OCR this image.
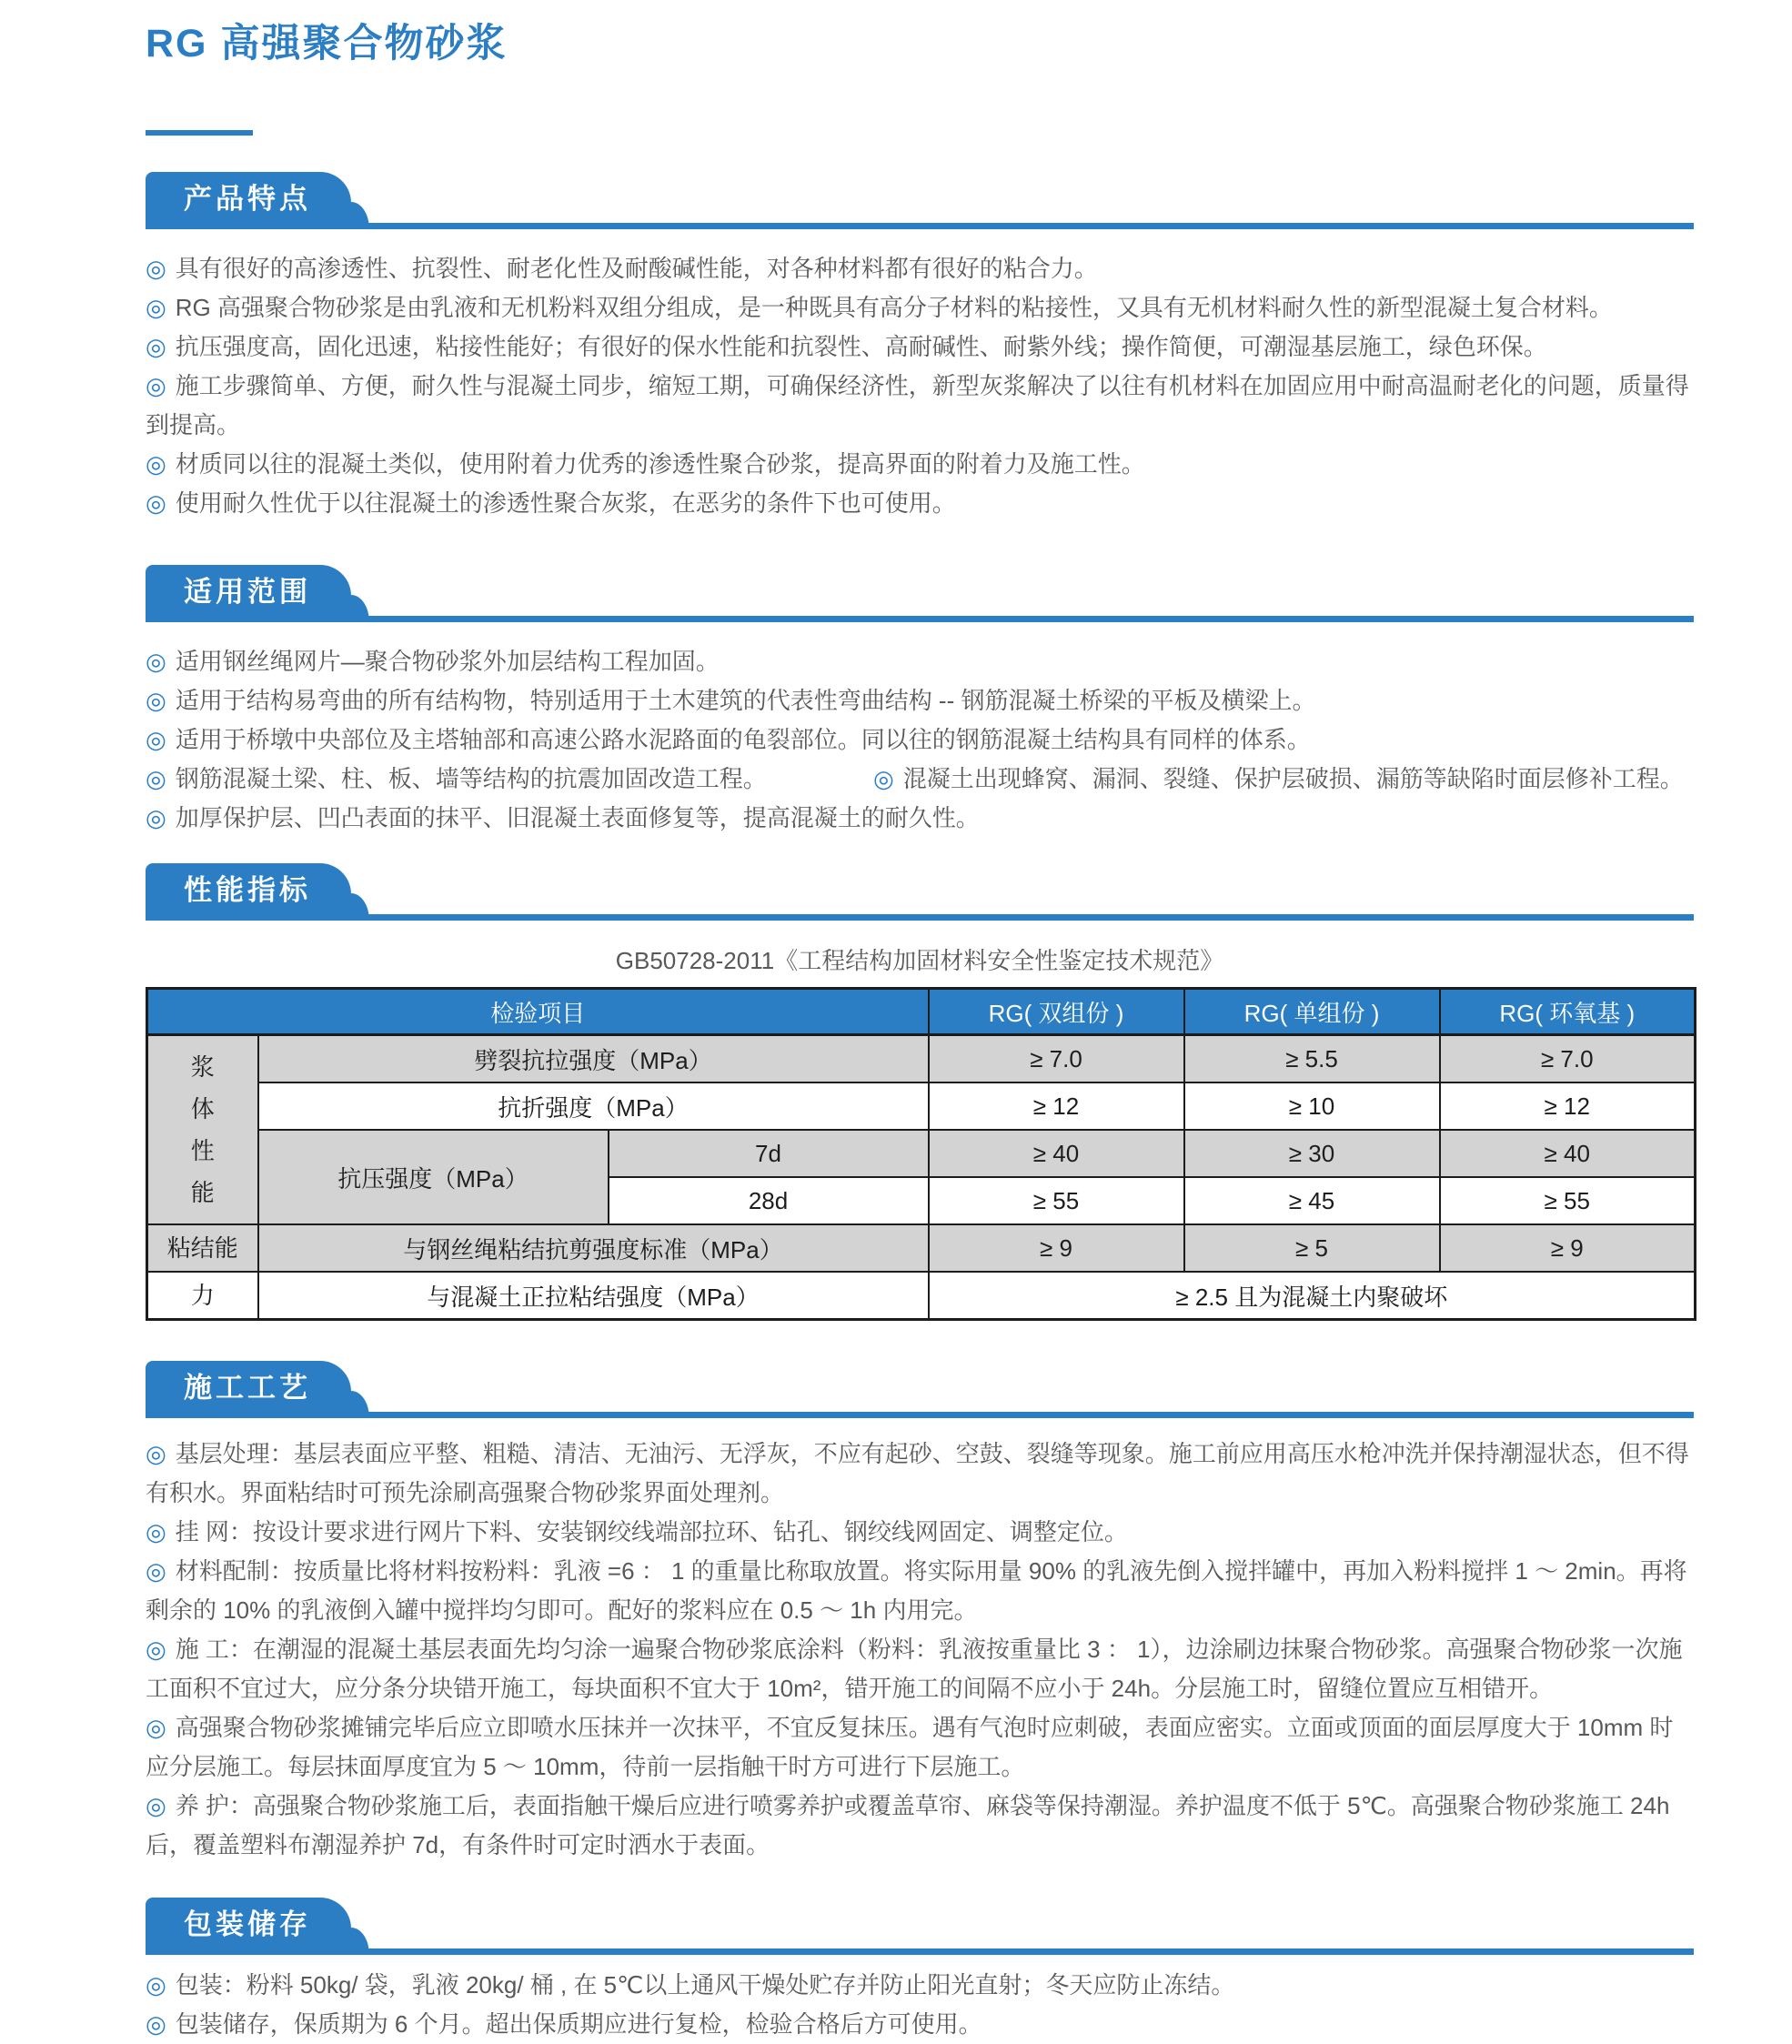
RG 高强聚合物砂浆
产品特点

◎ 具有很好的高渗透性、抗裂性、耐老化性及耐酸碱性能，对各种材料都有很好的粘合力。

◎ RG 高强聚合物砂浆是由乳液和无机粉料双组分组成，是一种既具有高分子材料的粘接性，又具有无机材料耐久性的新型混凝土复合材料。

◎ 抗压强度高，固化迅速，粘接性能好；有很好的保水性能和抗裂性、高耐碱性、耐紫外线；操作简便，可潮湿基层施工，绿色环保。

◎ 施工步骤简单、方便，耐久性与混凝土同步，缩短工期，可确保经济性，新型灰浆解决了以往有机材料在加固应用中耐高温耐老化的问题，质量得到提高。

◎ 材质同以往的混凝土类似，使用附着力优秀的渗透性聚合砂浆，提高界面的附着力及施工性。

◎ 使用耐久性优于以往混凝土的渗透性聚合灰浆，在恶劣的条件下也可使用。

适用范围

◎ 适用钢丝绳网片—聚合物砂浆外加层结构工程加固。

◎ 适用于结构易弯曲的所有结构物，特别适用于土木建筑的代表性弯曲结构 -- 钢筋混凝土桥梁的平板及横梁上。

◎ 适用于桥墩中央部位及主塔轴部和高速公路水泥路面的龟裂部位。同以往的钢筋混凝土结构具有同样的体系。

◎ 钢筋混凝土梁、柱、板、墙等结构的抗震加固改造工程。	◎ 混凝土出现蜂窝、漏洞、裂缝、保护层破损、漏筋等缺陷时面层修补工程。

◎ 加厚保护层、凹凸表面的抹平、旧混凝土表面修复等，提高混凝土的耐久性。

性能指标
GB50728-2011《工程结构加固材料安全性鉴定技术规范》
检验项目			RG( 双组份 )	RG( 单组份 )	RG( 环氧基 )
浆体性能	劈裂抗拉强度（MPa）		≥ 7.0	≥ 5.5	≥ 7.0
	抗折强度（MPa）		≥ 12	≥ 10	≥ 12
	抗压强度（MPa）	7d	≥ 40	≥ 30	≥ 40
		28d	≥ 55	≥ 45	≥ 55
粘结能	与钢丝绳粘结抗剪强度标准（MPa）		≥ 9	≥ 5	≥ 9
力	与混凝土正拉粘结强度（MPa）		≥ 2.5 且为混凝土内聚破坏		
施工工艺

◎ 基层处理：基层表面应平整、粗糙、清洁、无油污、无浮灰，不应有起砂、空鼓、裂缝等现象。施工前应用高压水枪冲洗并保持潮湿状态，但不得有积水。界面粘结时可预先涂刷高强聚合物砂浆界面处理剂。

◎ 挂 网：按设计要求进行网片下料、安装钢绞线端部拉环、钻孔、钢绞线网固定、调整定位。

◎ 材料配制：按质量比将材料按粉料：乳液 =6 ： 1 的重量比称取放置。将实际用量 90% 的乳液先倒入搅拌罐中，再加入粉料搅拌 1 ～ 2min。再将剩余的 10% 的乳液倒入罐中搅拌均匀即可。配好的浆料应在 0.5 ～ 1h 内用完。

◎ 施 工：在潮湿的混凝土基层表面先均匀涂一遍聚合物砂浆底涂料（粉料：乳液按重量比 3 ： 1），边涂刷边抹聚合物砂浆。高强聚合物砂浆一次施工面积不宜过大，应分条分块错开施工，每块面积不宜大于 10m²，错开施工的间隔不应小于 24h。分层施工时，留缝位置应互相错开。

◎ 高强聚合物砂浆摊铺完毕后应立即喷水压抹并一次抹平，不宜反复抹压。遇有气泡时应刺破，表面应密实。立面或顶面的面层厚度大于 10mm 时应分层施工。每层抹面厚度宜为 5 ～ 10mm，待前一层指触干时方可进行下层施工。

◎ 养 护：高强聚合物砂浆施工后，表面指触干燥后应进行喷雾养护或覆盖草帘、麻袋等保持潮湿。养护温度不低于 5℃。高强聚合物砂浆施工 24h 后，覆盖塑料布潮湿养护 7d，有条件时可定时洒水于表面。

包装储存

◎ 包装：粉料 50kg/ 袋，乳液 20kg/ 桶 , 在 5℃以上通风干燥处贮存并防止阳光直射；冬天应防止冻结。

◎ 包装储存，保质期为 6 个月。超出保质期应进行复检，检验合格后方可使用。
